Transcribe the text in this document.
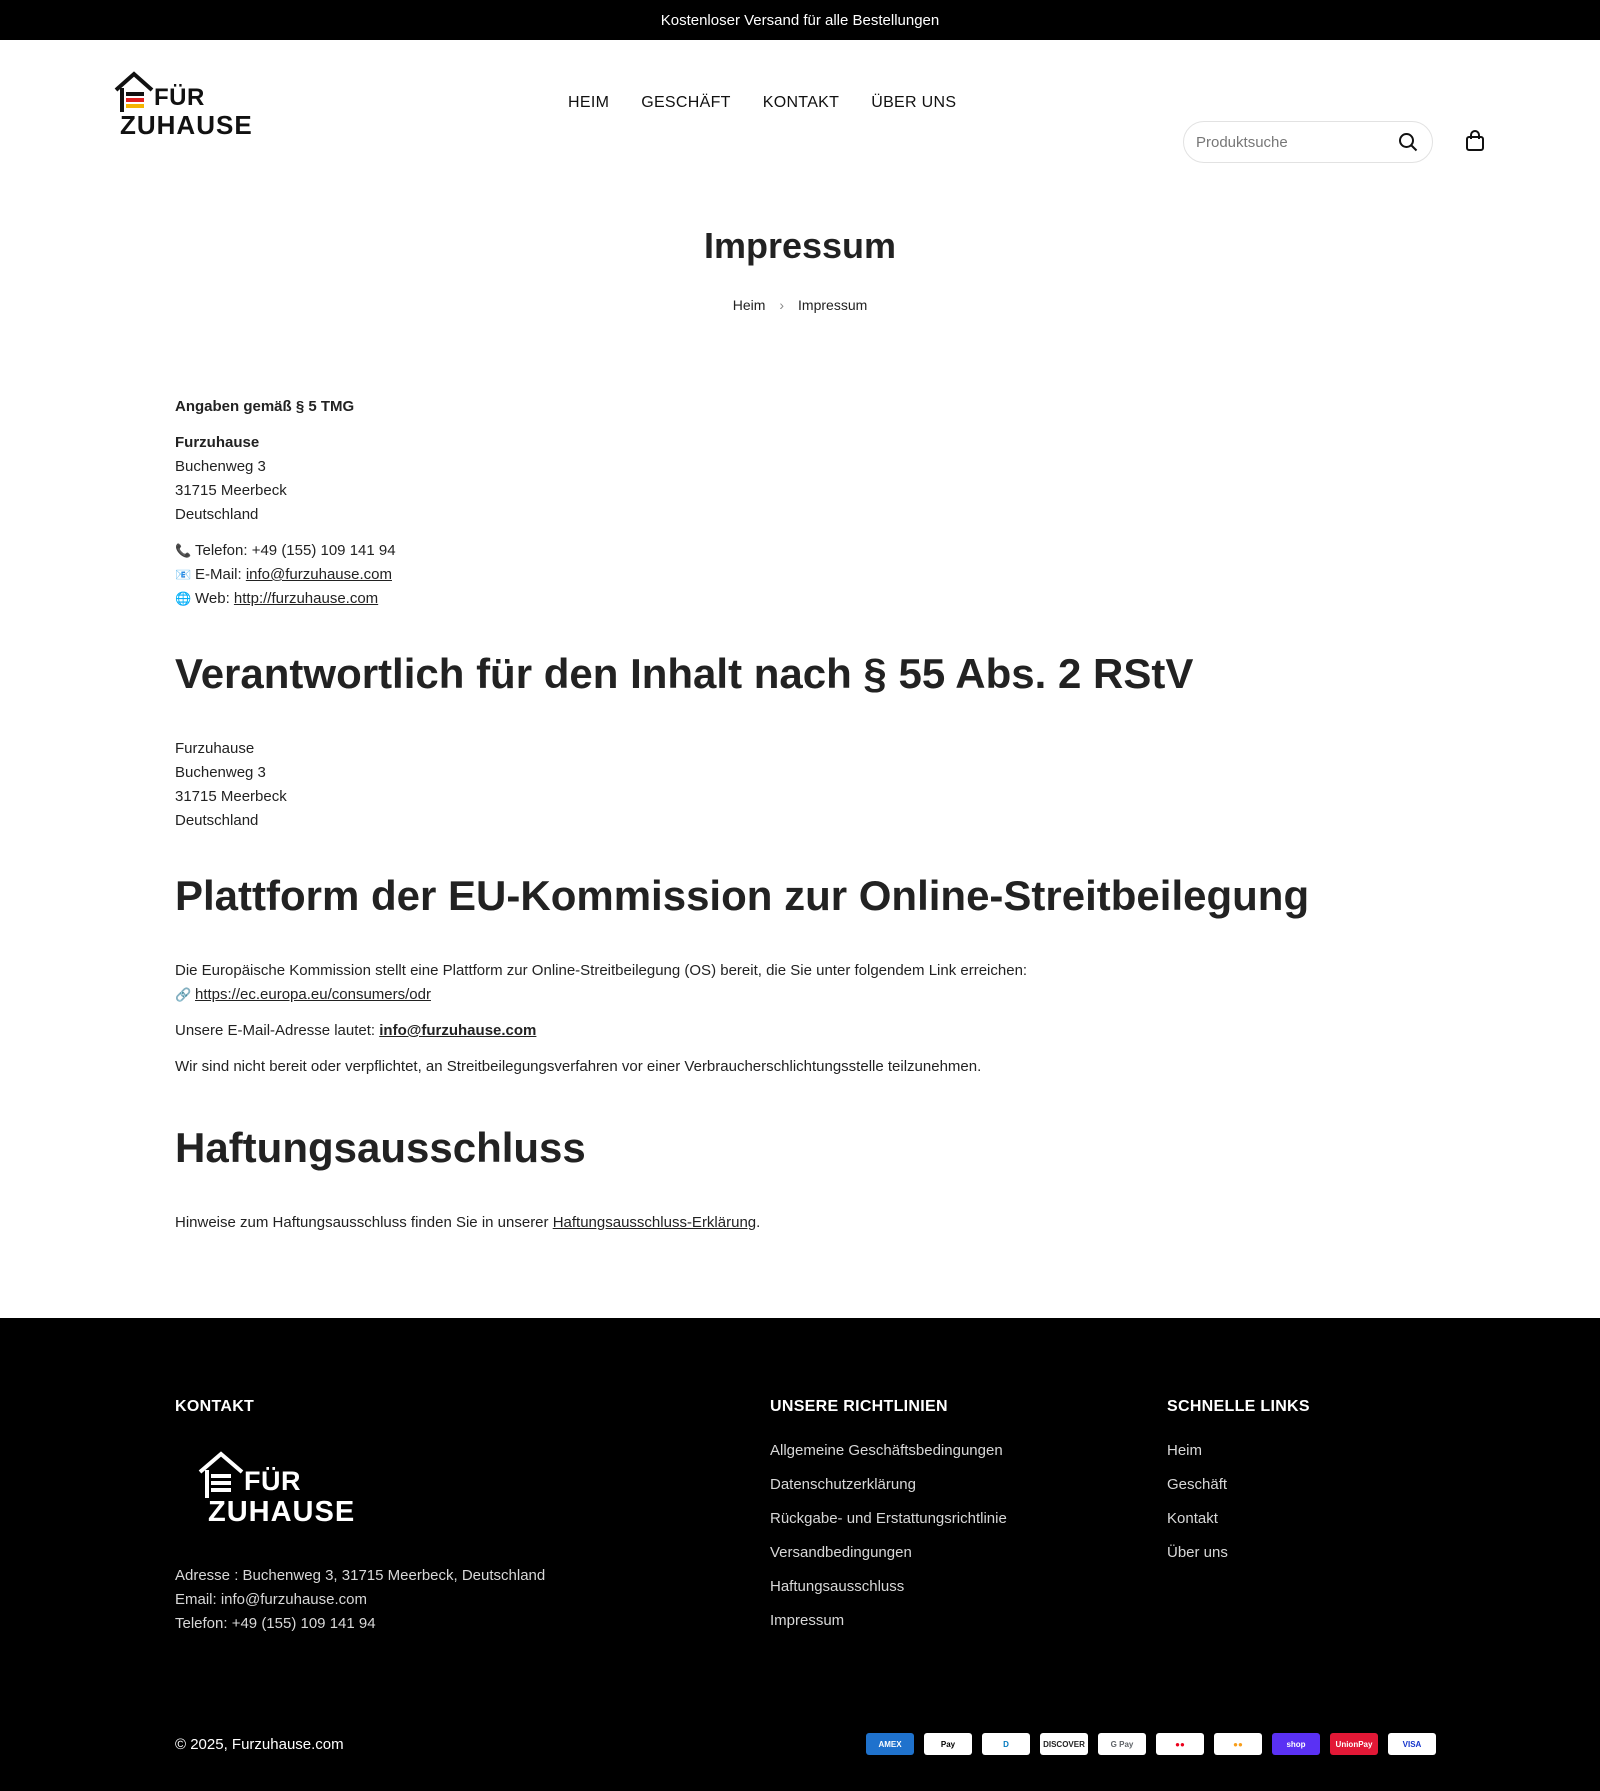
Kostenloser Versand für alle Bestellungen
FÜR
ZUHAUSE
HEIM GESCHÄFT KONTAKT ÜBER UNS
Produktsuche
Impressum
Heim › Impressum

Angaben gemäß § 5 TMG

Furzuhause

Buchenweg 3

31715 Meerbeck

Deutschland

📞 Telefon: +49 (155) 109 141 94

📧 E-Mail: info@furzuhause.com

🌐 Web: http://furzuhause.com

Verantwortlich für den Inhalt nach § 55 Abs. 2 RStV

Furzuhause

Buchenweg 3

31715 Meerbeck

Deutschland

Plattform der EU-Kommission zur Online-Streitbeilegung

Die Europäische Kommission stellt eine Plattform zur Online-Streitbeilegung (OS) bereit, die Sie unter folgendem Link erreichen:

🔗 https://ec.europa.eu/consumers/odr

Unsere E-Mail-Adresse lautet: info@furzuhause.com

Wir sind nicht bereit oder verpflichtet, an Streitbeilegungsverfahren vor einer Verbraucherschlichtungsstelle teilzunehmen.

Haftungsausschluss

Hinweise zum Haftungsausschluss finden Sie in unserer Haftungsausschluss-Erklärung.

KONTAKT
FÜR
ZUHAUSE

Adresse : Buchenweg 3, 31715 Meerbeck, Deutschland

Email: info@furzuhause.com

Telefon: +49 (155) 109 141 94

UNSERE RICHTLINIEN
Allgemeine Geschäftsbedingungen
Datenschutzerklärung
Rückgabe- und Erstattungsrichtlinie
Versandbedingungen
Haftungsausschluss
Impressum
SCHNELLE LINKS
Heim
Geschäft
Kontakt
Über uns
© 2025, Furzuhause.com	AMEX	Pay	D	DISCOVER	G Pay	●●	●●	shop	UnionPay	VISA
